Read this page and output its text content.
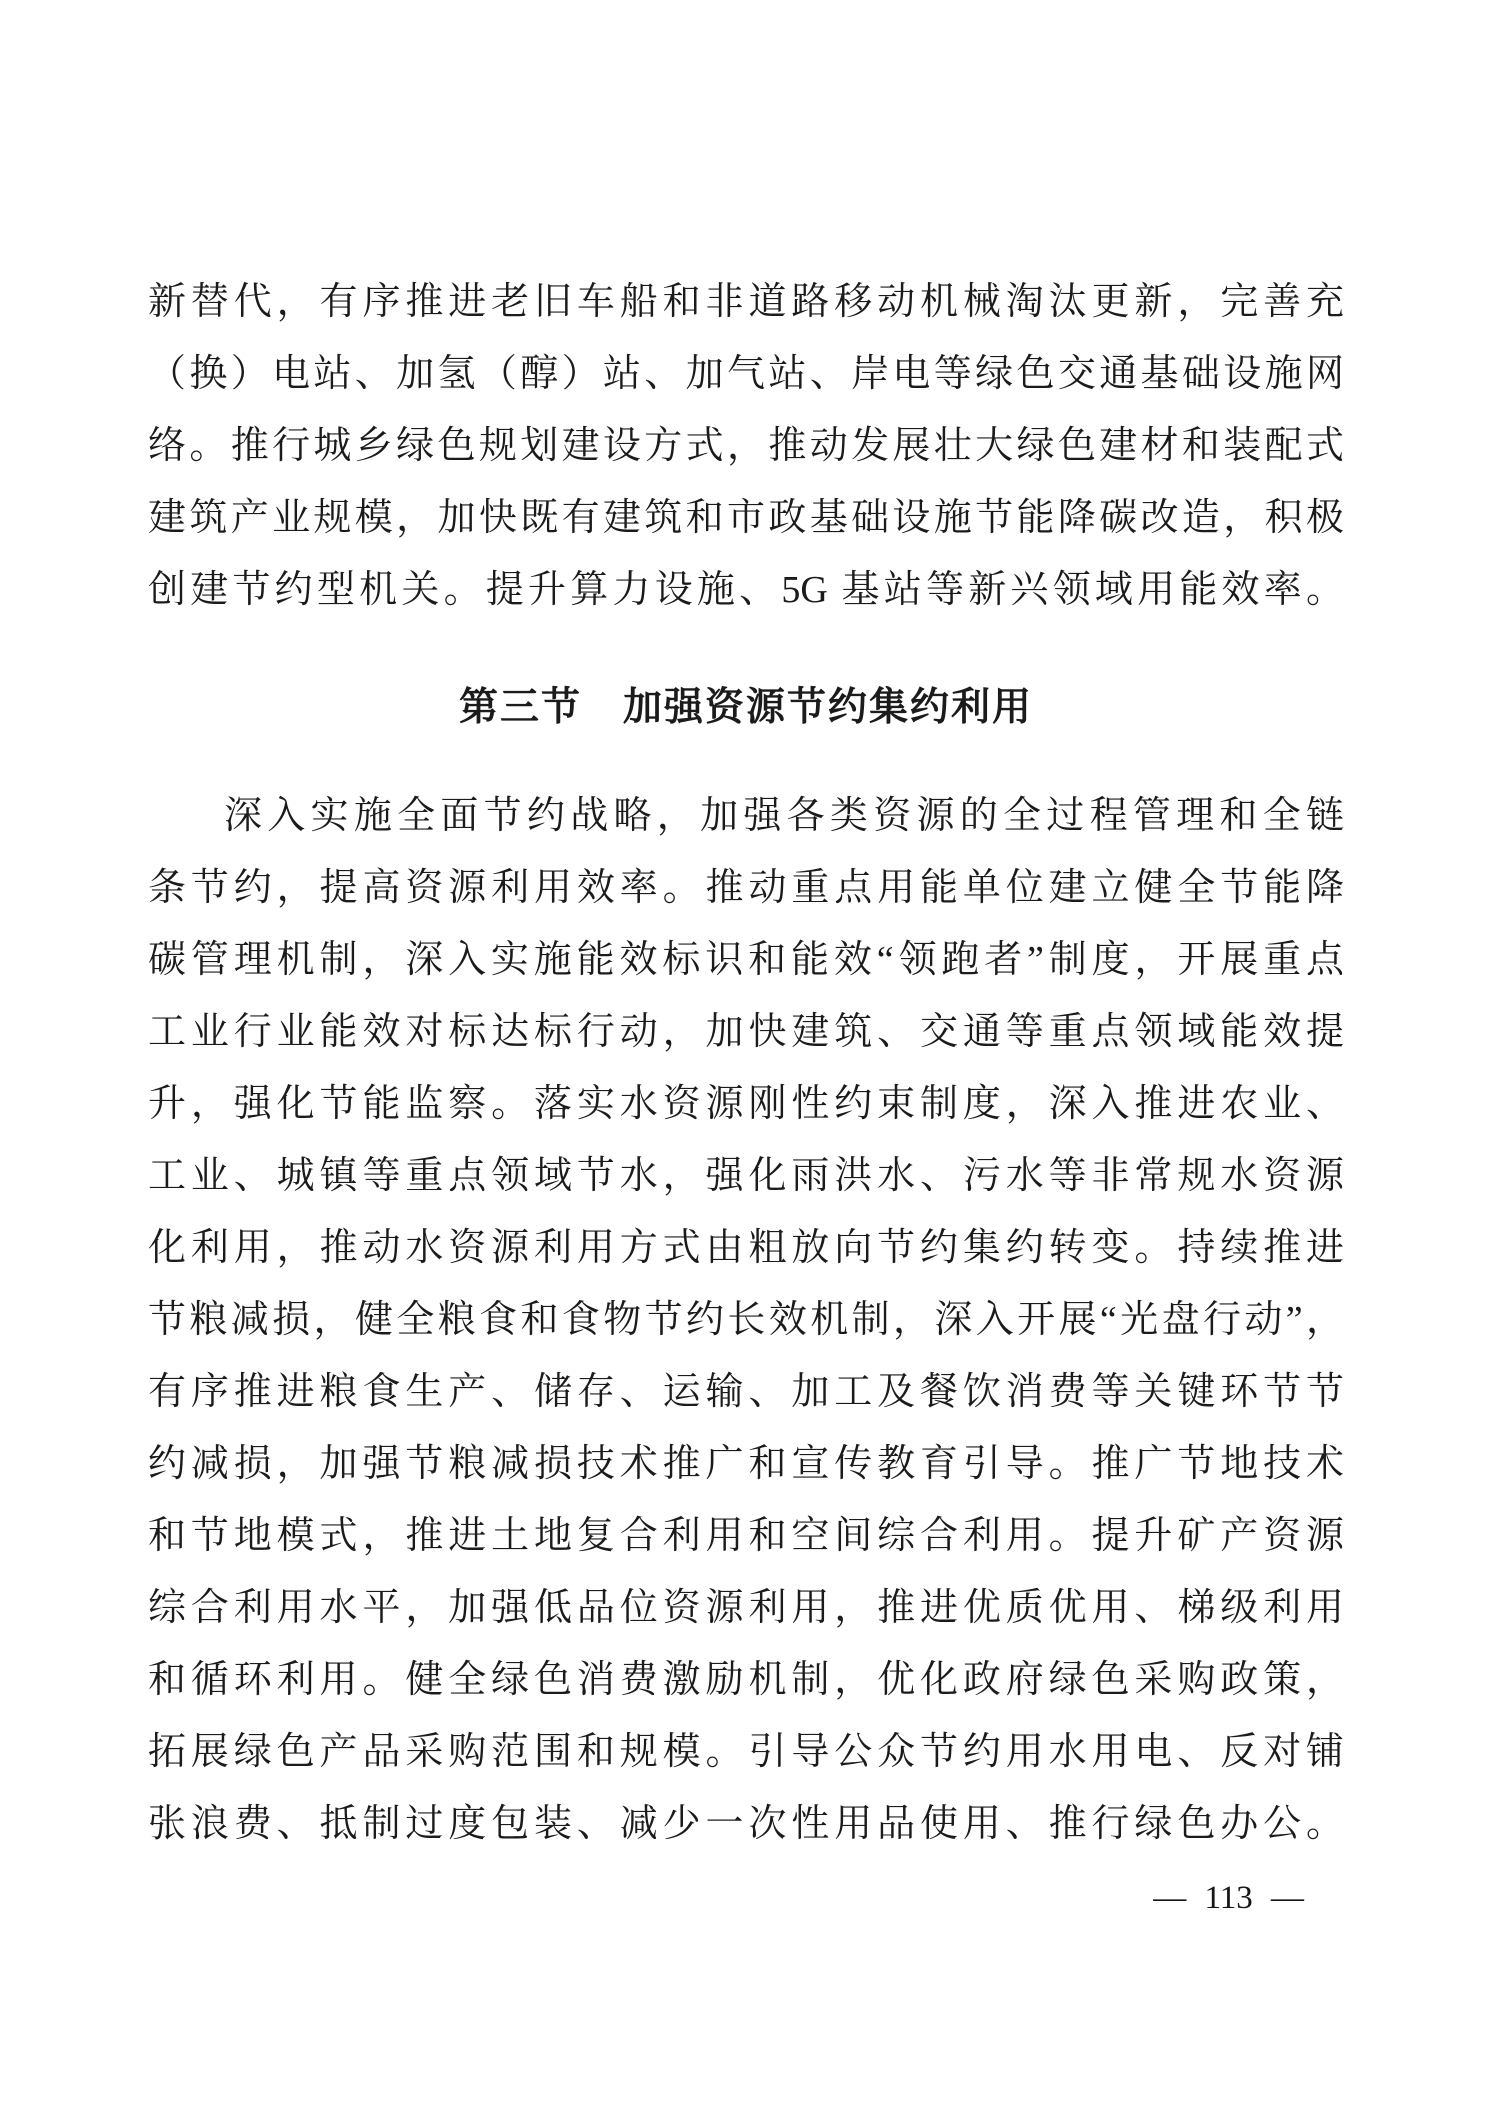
新替代，有序推进老旧车船和非道路移动机械淘汰更新，完善充
（换）电站、加氢（醇）站、加气站、岸电等绿色交通基础设施网
络。推行城乡绿色规划建设方式，推动发展壮大绿色建材和装配式
建筑产业规模，加快既有建筑和市政基础设施节能降碳改造，积极
创建节约型机关。提升算力设施、5G 基站等新兴领域用能效率。
第三节　加强资源节约集约利用
深入实施全面节约战略，加强各类资源的全过程管理和全链
条节约，提高资源利用效率。推动重点用能单位建立健全节能降
碳管理机制，深入实施能效标识和能效“领跑者”制度，开展重点
工业行业能效对标达标行动，加快建筑、交通等重点领域能效提
升，强化节能监察。落实水资源刚性约束制度，深入推进农业、
工业、城镇等重点领域节水，强化雨洪水、污水等非常规水资源
化利用，推动水资源利用方式由粗放向节约集约转变。持续推进
节粮减损，健全粮食和食物节约长效机制，深入开展“光盘行动”，
有序推进粮食生产、储存、运输、加工及餐饮消费等关键环节节
约减损，加强节粮减损技术推广和宣传教育引导。推广节地技术
和节地模式，推进土地复合利用和空间综合利用。提升矿产资源
综合利用水平，加强低品位资源利用，推进优质优用、梯级利用
和循环利用。健全绿色消费激励机制，优化政府绿色采购政策，
拓展绿色产品采购范围和规模。引导公众节约用水用电、反对铺
张浪费、抵制过度包装、减少一次性用品使用、推行绿色办公。
— 113 —
